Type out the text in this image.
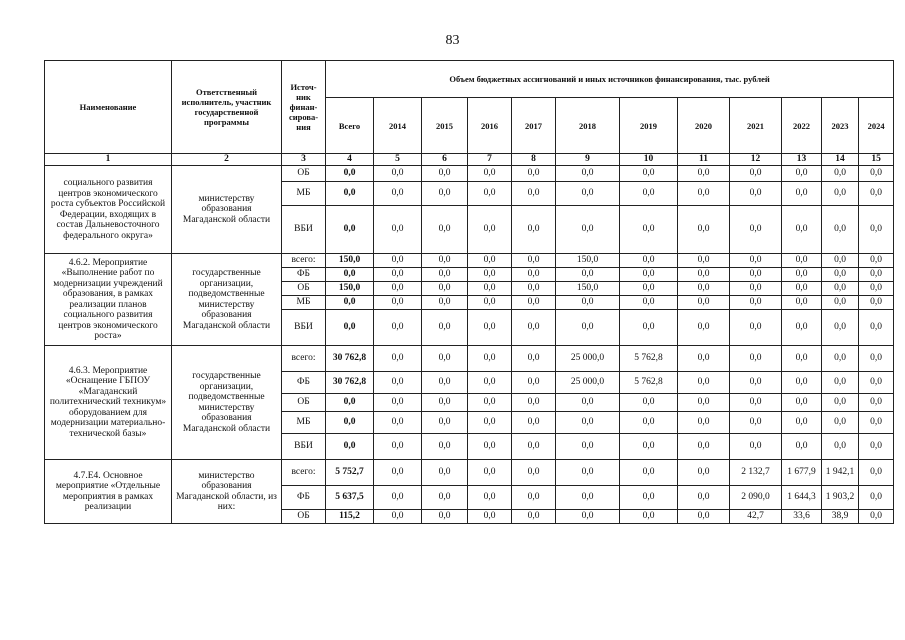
83
Наименование	Ответственный исполнитель, участник государственной программы	Источ-ник финан-сирова-ния	Объем бюджетных ассигнований и иных источников финансирования, тыс. рублей											
			Всего	2014	2015	2016	2017	2018	2019	2020	2021	2022	2023	2024
1	2	3	4	5	6	7	8	9	10	11	12	13	14	15
социального развития центров экономического роста субъектов Российской Федерации, входящих в состав Дальневосточного федерального округа»	министерству образования Магаданской области	ОБ	0,0	0,0	0,0	0,0	0,0	0,0	0,0	0,0	0,0	0,0	0,0	0,0
		МБ	0,0	0,0	0,0	0,0	0,0	0,0	0,0	0,0	0,0	0,0	0,0	0,0
		ВБИ	0,0	0,0	0,0	0,0	0,0	0,0	0,0	0,0	0,0	0,0	0,0	0,0
4.6.2. Мероприятие «Выполнение работ по модернизации учреждений образования, в рамках реализации планов социального развития центров экономического роста»	государственные организации, подведомственные министерству образования Магаданской области	всего:	150,0	0,0	0,0	0,0	0,0	150,0	0,0	0,0	0,0	0,0	0,0	0,0
		ФБ	0,0	0,0	0,0	0,0	0,0	0,0	0,0	0,0	0,0	0,0	0,0	0,0
		ОБ	150,0	0,0	0,0	0,0	0,0	150,0	0,0	0,0	0,0	0,0	0,0	0,0
		МБ	0,0	0,0	0,0	0,0	0,0	0,0	0,0	0,0	0,0	0,0	0,0	0,0
		ВБИ	0,0	0,0	0,0	0,0	0,0	0,0	0,0	0,0	0,0	0,0	0,0	0,0
4.6.3. Мероприятие «Оснащение ГБПОУ «Магаданский политехнический техникум» оборудованием для модернизации материально-технической базы»	государственные организации, подведомственные министерству образования Магаданской области	всего:	30 762,8	0,0	0,0	0,0	0,0	25 000,0	5 762,8	0,0	0,0	0,0	0,0	0,0
		ФБ	30 762,8	0,0	0,0	0,0	0,0	25 000,0	5 762,8	0,0	0,0	0,0	0,0	0,0
		ОБ	0,0	0,0	0,0	0,0	0,0	0,0	0,0	0,0	0,0	0,0	0,0	0,0
		МБ	0,0	0,0	0,0	0,0	0,0	0,0	0,0	0,0	0,0	0,0	0,0	0,0
		ВБИ	0,0	0,0	0,0	0,0	0,0	0,0	0,0	0,0	0,0	0,0	0,0	0,0
4.7.Е4. Основное мероприятие «Отдельные мероприятия в рамках реализации	министерство образования Магаданской области, из них:	всего:	5 752,7	0,0	0,0	0,0	0,0	0,0	0,0	0,0	2 132,7	1 677,9	1 942,1	0,0
		ФБ	5 637,5	0,0	0,0	0,0	0,0	0,0	0,0	0,0	2 090,0	1 644,3	1 903,2	0,0
		ОБ	115,2	0,0	0,0	0,0	0,0	0,0	0,0	0,0	42,7	33,6	38,9	0,0
